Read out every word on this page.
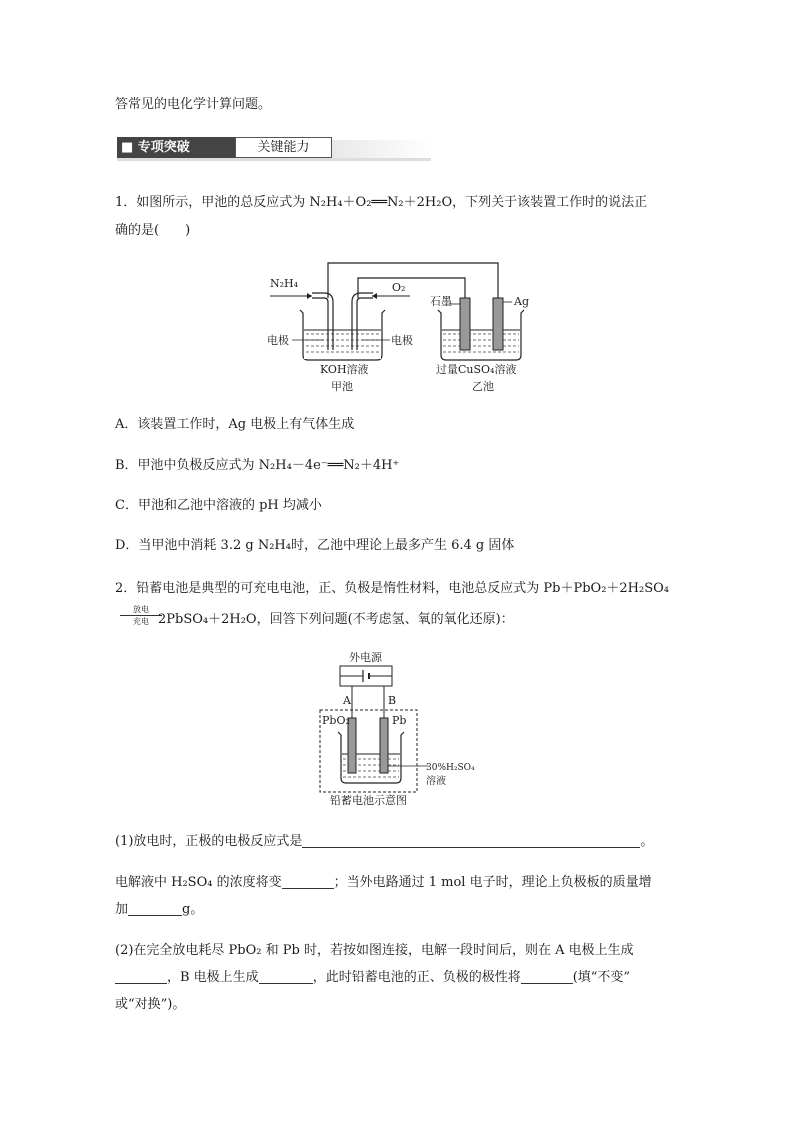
答常见的电化学计算问题。
■ 专项突破	关键能力
1．如图所示，甲池的总反应式为 N₂H₄＋O₂══N₂＋2H₂O，下列关于该装置工作时的说法正
确的是(　　)
N₂H₄	O₂
电极	电极
KOH溶液
甲池
石墨	Ag
过量CuSO₄溶液
乙池
A．该装置工作时，Ag 电极上有气体生成
B．甲池中负极反应式为 N₂H₄－4e⁻══N₂＋4H⁺
C．甲池和乙池中溶液的 pH 均减小
D．当甲池中消耗 3.2 g N₂H₄时，乙池中理论上最多产生 6.4 g 固体
2．铅蓄电池是典型的可充电电池，正、负极是惰性材料，电池总反应式为 Pb＋PbO₂＋2H₂SO₄
放电
充电 2PbSO₄＋2H₂O，回答下列问题(不考虑氢、氧的氧化还原)：
外电源
A	B
PbO₂	Pb
30%H₂SO₄
溶液
铅蓄电池示意图
(1)放电时，正极的电极反应式是	。
电解液中 H₂SO₄ 的浓度将变	；当外电路通过 1 mol 电子时，理论上负极板的质量增
加	g。
(2)在完全放电耗尽 PbO₂ 和 Pb 时，若按如图连接，电解一段时间后，则在 A 电极上生成
，B 电极上生成	，此时铅蓄电池的正、负极的极性将	(填“不变”
或“对换”)。
